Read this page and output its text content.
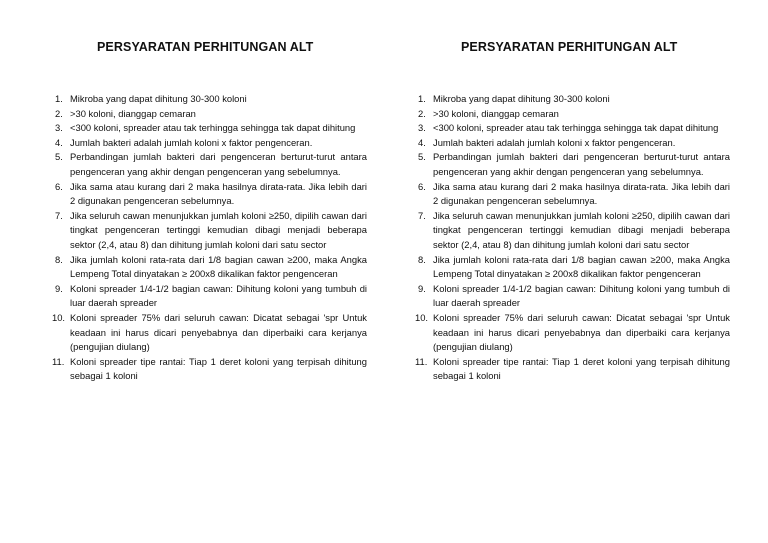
PERSYARATAN PERHITUNGAN ALT
1. Mikroba yang dapat dihitung 30-300 koloni
2. >30 koloni, dianggap cemaran
3. <300 koloni, spreader atau tak terhingga sehingga tak dapat dihitung
4. Jumlah bakteri adalah jumlah koloni x faktor pengenceran.
5. Perbandingan jumlah bakteri dari pengenceran berturut-turut antara pengenceran yang akhir dengan pengenceran yang sebelumnya.
6. Jika sama atau kurang dari 2 maka hasilnya dirata-rata. Jika lebih dari 2 digunakan pengenceran sebelumnya.
7. Jika seluruh cawan menunjukkan jumlah koloni ≥250, dipilih cawan dari tingkat pengenceran tertinggi kemudian dibagi menjadi beberapa sektor (2,4, atau 8) dan dihitung jumlah koloni dari satu sector
8. Jika jumlah koloni rata-rata dari 1/8 bagian cawan ≥200, maka Angka Lempeng Total dinyatakan ≥ 200x8 dikalikan faktor pengenceran
9. Koloni spreader 1/4-1/2 bagian cawan: Dihitung koloni yang tumbuh di luar daerah spreader
10. Koloni spreader 75% dari seluruh cawan: Dicatat sebagai 'spr Untuk keadaan ini harus dicari penyebabnya dan diperbaiki cara kerjanya (pengujian diulang)
11. Koloni spreader tipe rantai: Tiap 1 deret koloni yang terpisah dihitung sebagai 1 koloni
PERSYARATAN PERHITUNGAN ALT
1. Mikroba yang dapat dihitung 30-300 koloni
2. >30 koloni, dianggap cemaran
3. <300 koloni, spreader atau tak terhingga sehingga tak dapat dihitung
4. Jumlah bakteri adalah jumlah koloni x faktor pengenceran.
5. Perbandingan jumlah bakteri dari pengenceran berturut-turut antara pengenceran yang akhir dengan pengenceran yang sebelumnya.
6. Jika sama atau kurang dari 2 maka hasilnya dirata-rata. Jika lebih dari 2 digunakan pengenceran sebelumnya.
7. Jika seluruh cawan menunjukkan jumlah koloni ≥250, dipilih cawan dari tingkat pengenceran tertinggi kemudian dibagi menjadi beberapa sektor (2,4, atau 8) dan dihitung jumlah koloni dari satu sector
8. Jika jumlah koloni rata-rata dari 1/8 bagian cawan ≥200, maka Angka Lempeng Total dinyatakan ≥ 200x8 dikalikan faktor pengenceran
9. Koloni spreader 1/4-1/2 bagian cawan: Dihitung koloni yang tumbuh di luar daerah spreader
10. Koloni spreader 75% dari seluruh cawan: Dicatat sebagai 'spr Untuk keadaan ini harus dicari penyebabnya dan diperbaiki cara kerjanya (pengujian diulang)
11. Koloni spreader tipe rantai: Tiap 1 deret koloni yang terpisah dihitung sebagai 1 koloni
